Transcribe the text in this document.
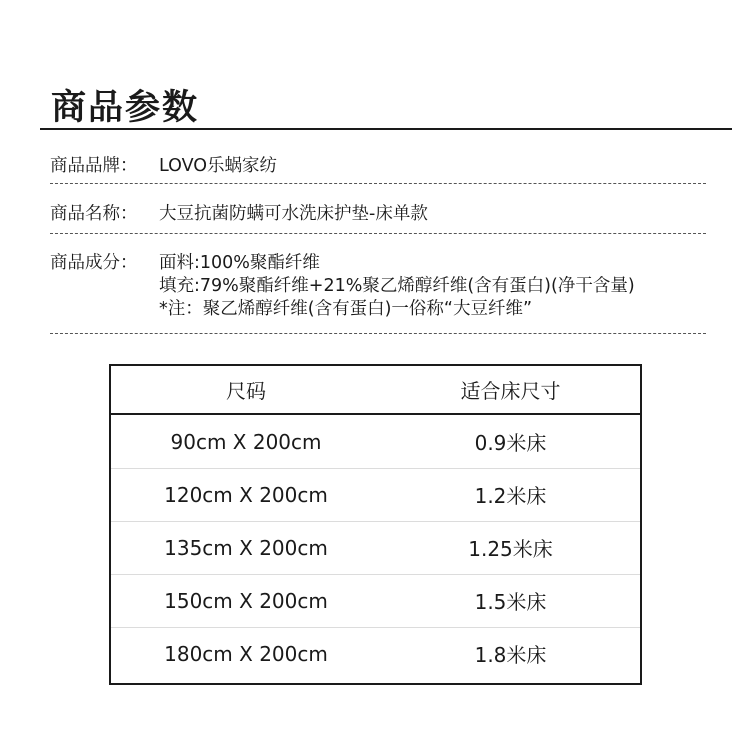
商品参数
商品品牌： LOVO乐蜗家纺
商品名称： 大豆抗菌防螨可水洗床护垫-床单款
商品成分： 面料:100%聚酯纤维
填充:79%聚酯纤维+21%聚乙烯醇纤维(含有蛋白)(净干含量)
*注：聚乙烯醇纤维(含有蛋白)一俗称“大豆纤维”
尺码	适合床尺寸
90cm X 200cm	0.9米床
120cm X 200cm	1.2米床
135cm X 200cm	1.25米床
150cm X 200cm	1.5米床
180cm X 200cm	1.8米床
